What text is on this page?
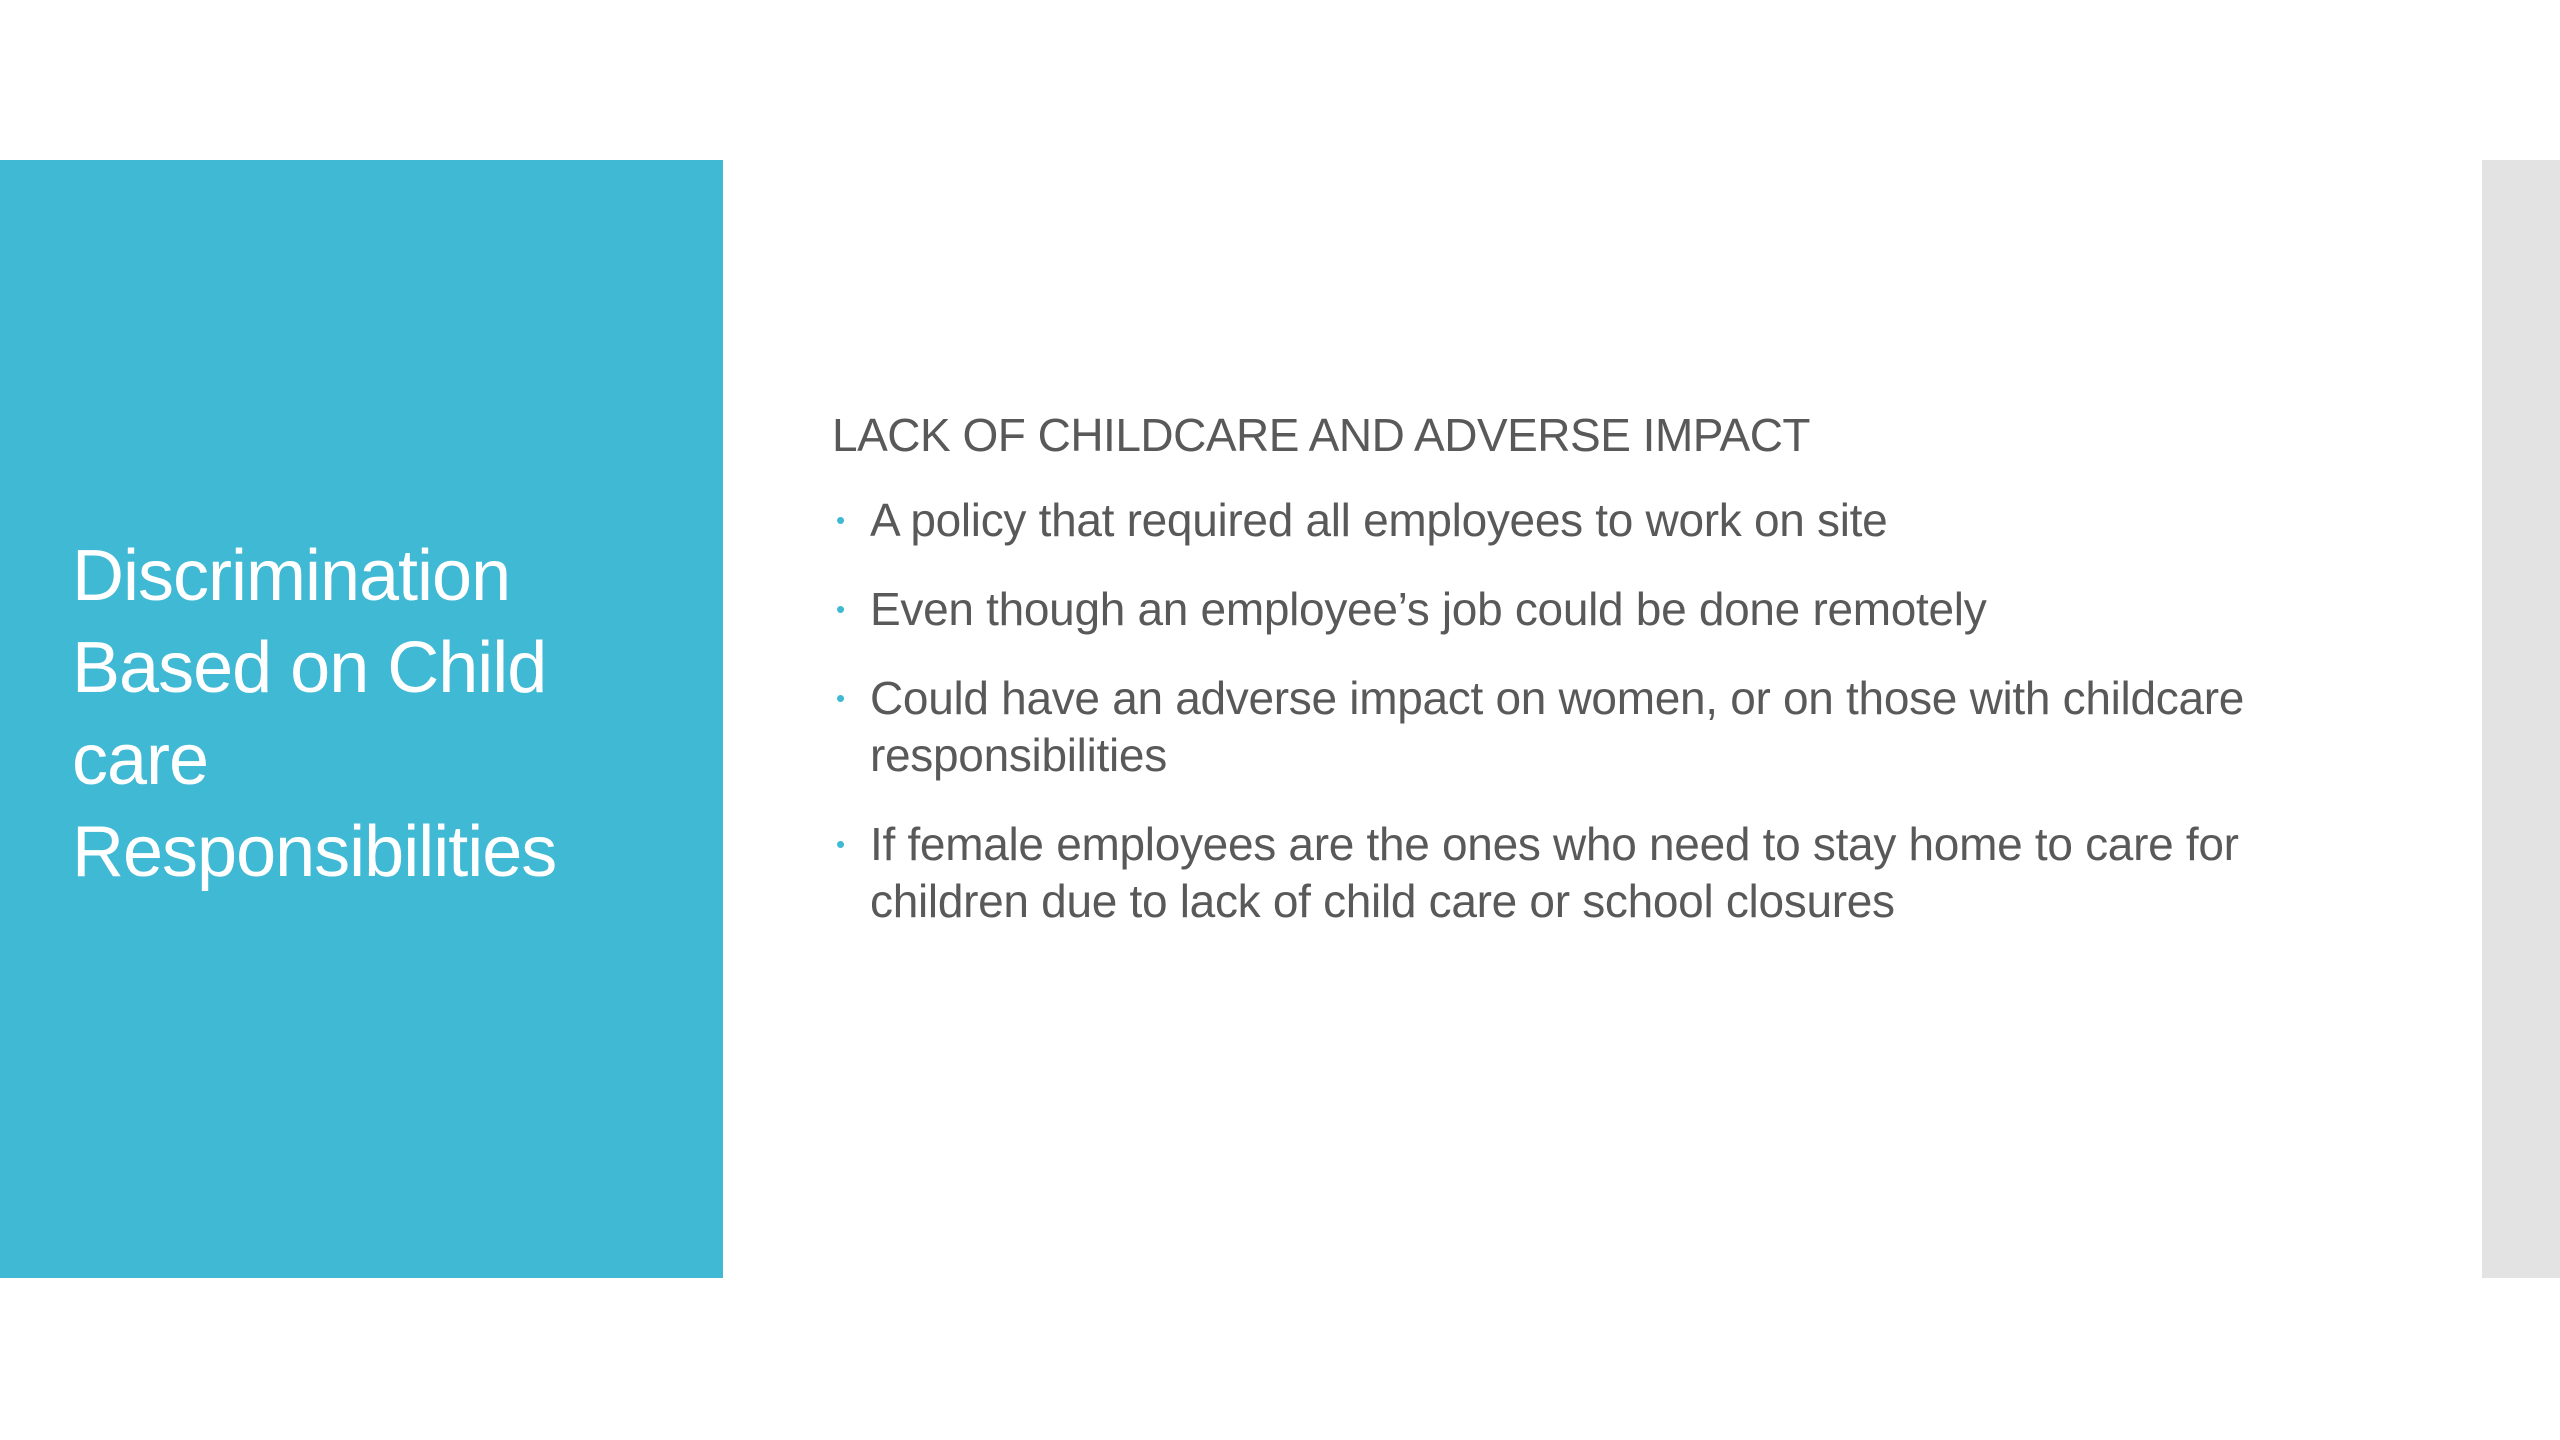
Discrimination Based on Child care Responsibilities
LACK OF CHILDCARE AND ADVERSE IMPACT
• A policy that required all employees to work on site
• Even though an employee’s job could be done remotely
• Could have an adverse impact on women, or on those with childcare responsibilities
• If female employees are the ones who need to stay home to care for children due to lack of child care or school closures
